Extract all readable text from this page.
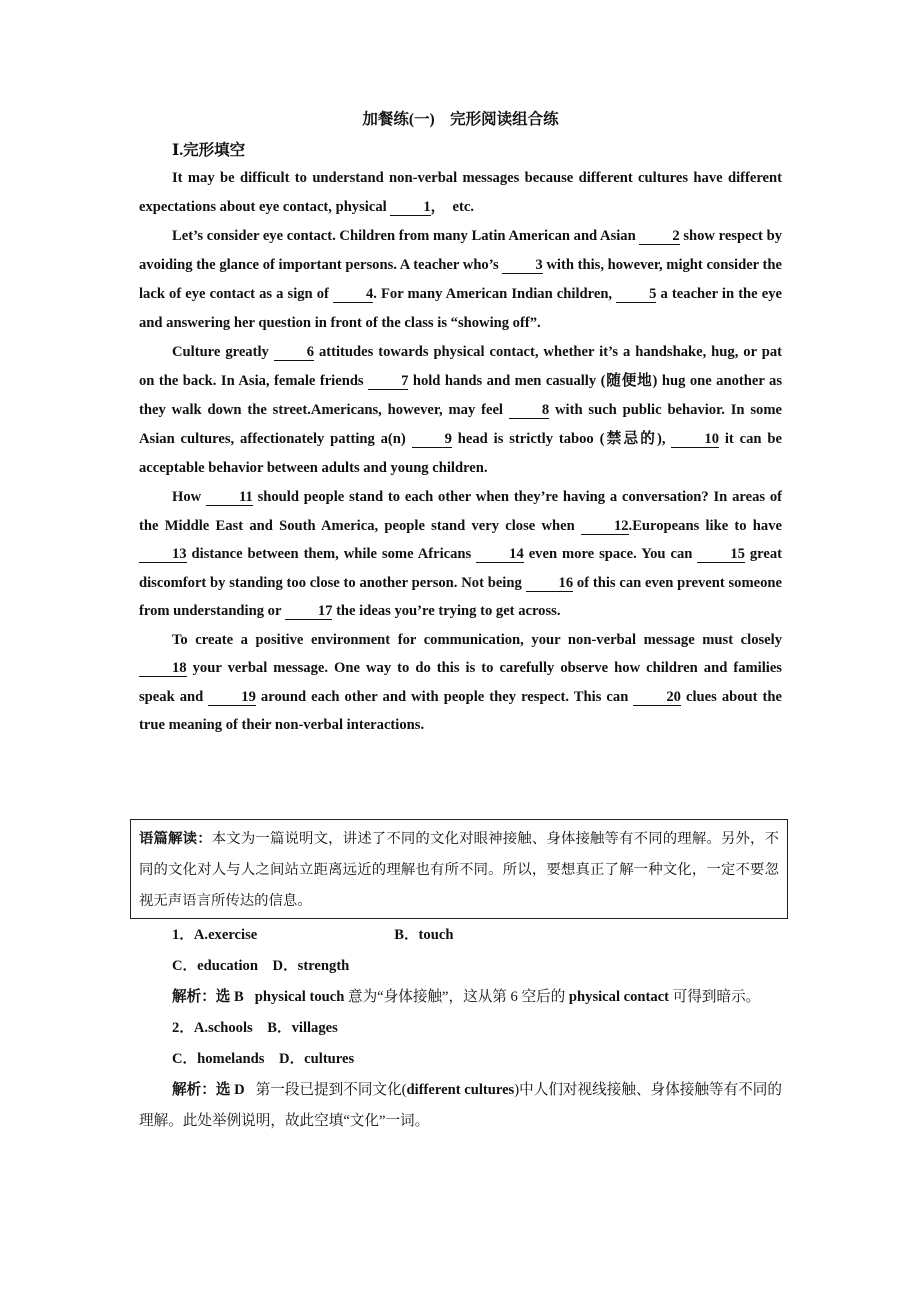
加餐练(一)　完形阅读组合练
Ⅰ.完形填空

It may be difficult to understand non-verbal messages because different cultures have different expectations about eye contact, physical 1，　etc.

Let’s consider eye contact. Children from many Latin American and Asian 2 show respect by avoiding the glance of important persons. A teacher who’s 3 with this, however, might consider the lack of eye contact as a sign of 4. For many American Indian children, 5 a teacher in the eye and answering her question in front of the class is “showing off”.

Culture greatly 6 attitudes towards physical contact, whether it’s a handshake, hug, or pat on the back. In Asia, female friends 7 hold hands and men casually (随便地) hug one another as they walk down the street.Americans, however, may feel 8 with such public behavior. In some Asian cultures, affectionately patting a(n) 9 head is strictly taboo (禁忌的), 10 it can be acceptable behavior between adults and young children.

How 11 should people stand to each other when they’re having a conversation? In areas of the Middle East and South America, people stand very close when 12.Europeans like to have 13 distance between them, while some Africans 14 even more space. You can 15 great discomfort by standing too close to another person. Not being 16 of this can even prevent someone from understanding or 17 the ideas you’re trying to get across.

To create a positive environment for communication, your non-verbal message must closely 18 your verbal message. One way to do this is to carefully observe how children and families speak and 19 around each other and with people they respect. This can 20 clues about the true meaning of their non-verbal interactions.

语篇解读：本文为一篇说明文，讲述了不同的文化对眼神接触、身体接触等有不同的理解。另外，不同的文化对人与人之间站立距离远近的理解也有所不同。所以，要想真正了解一种文化，一定不要忽视无声语言所传达的信息。

1．A.exercise	B．touch
C．education　D．strength

解析：选 B physical touch 意为“身体接触”，这从第 6 空后的 physical contact 可得到暗示。

2．A.schools　B．villages
C．homelands　D．cultures

解析：选 D 第一段已提到不同文化(different cultures)中人们对视线接触、身体接触等有不同的理解。此处举例说明，故此空填“文化”一词。
